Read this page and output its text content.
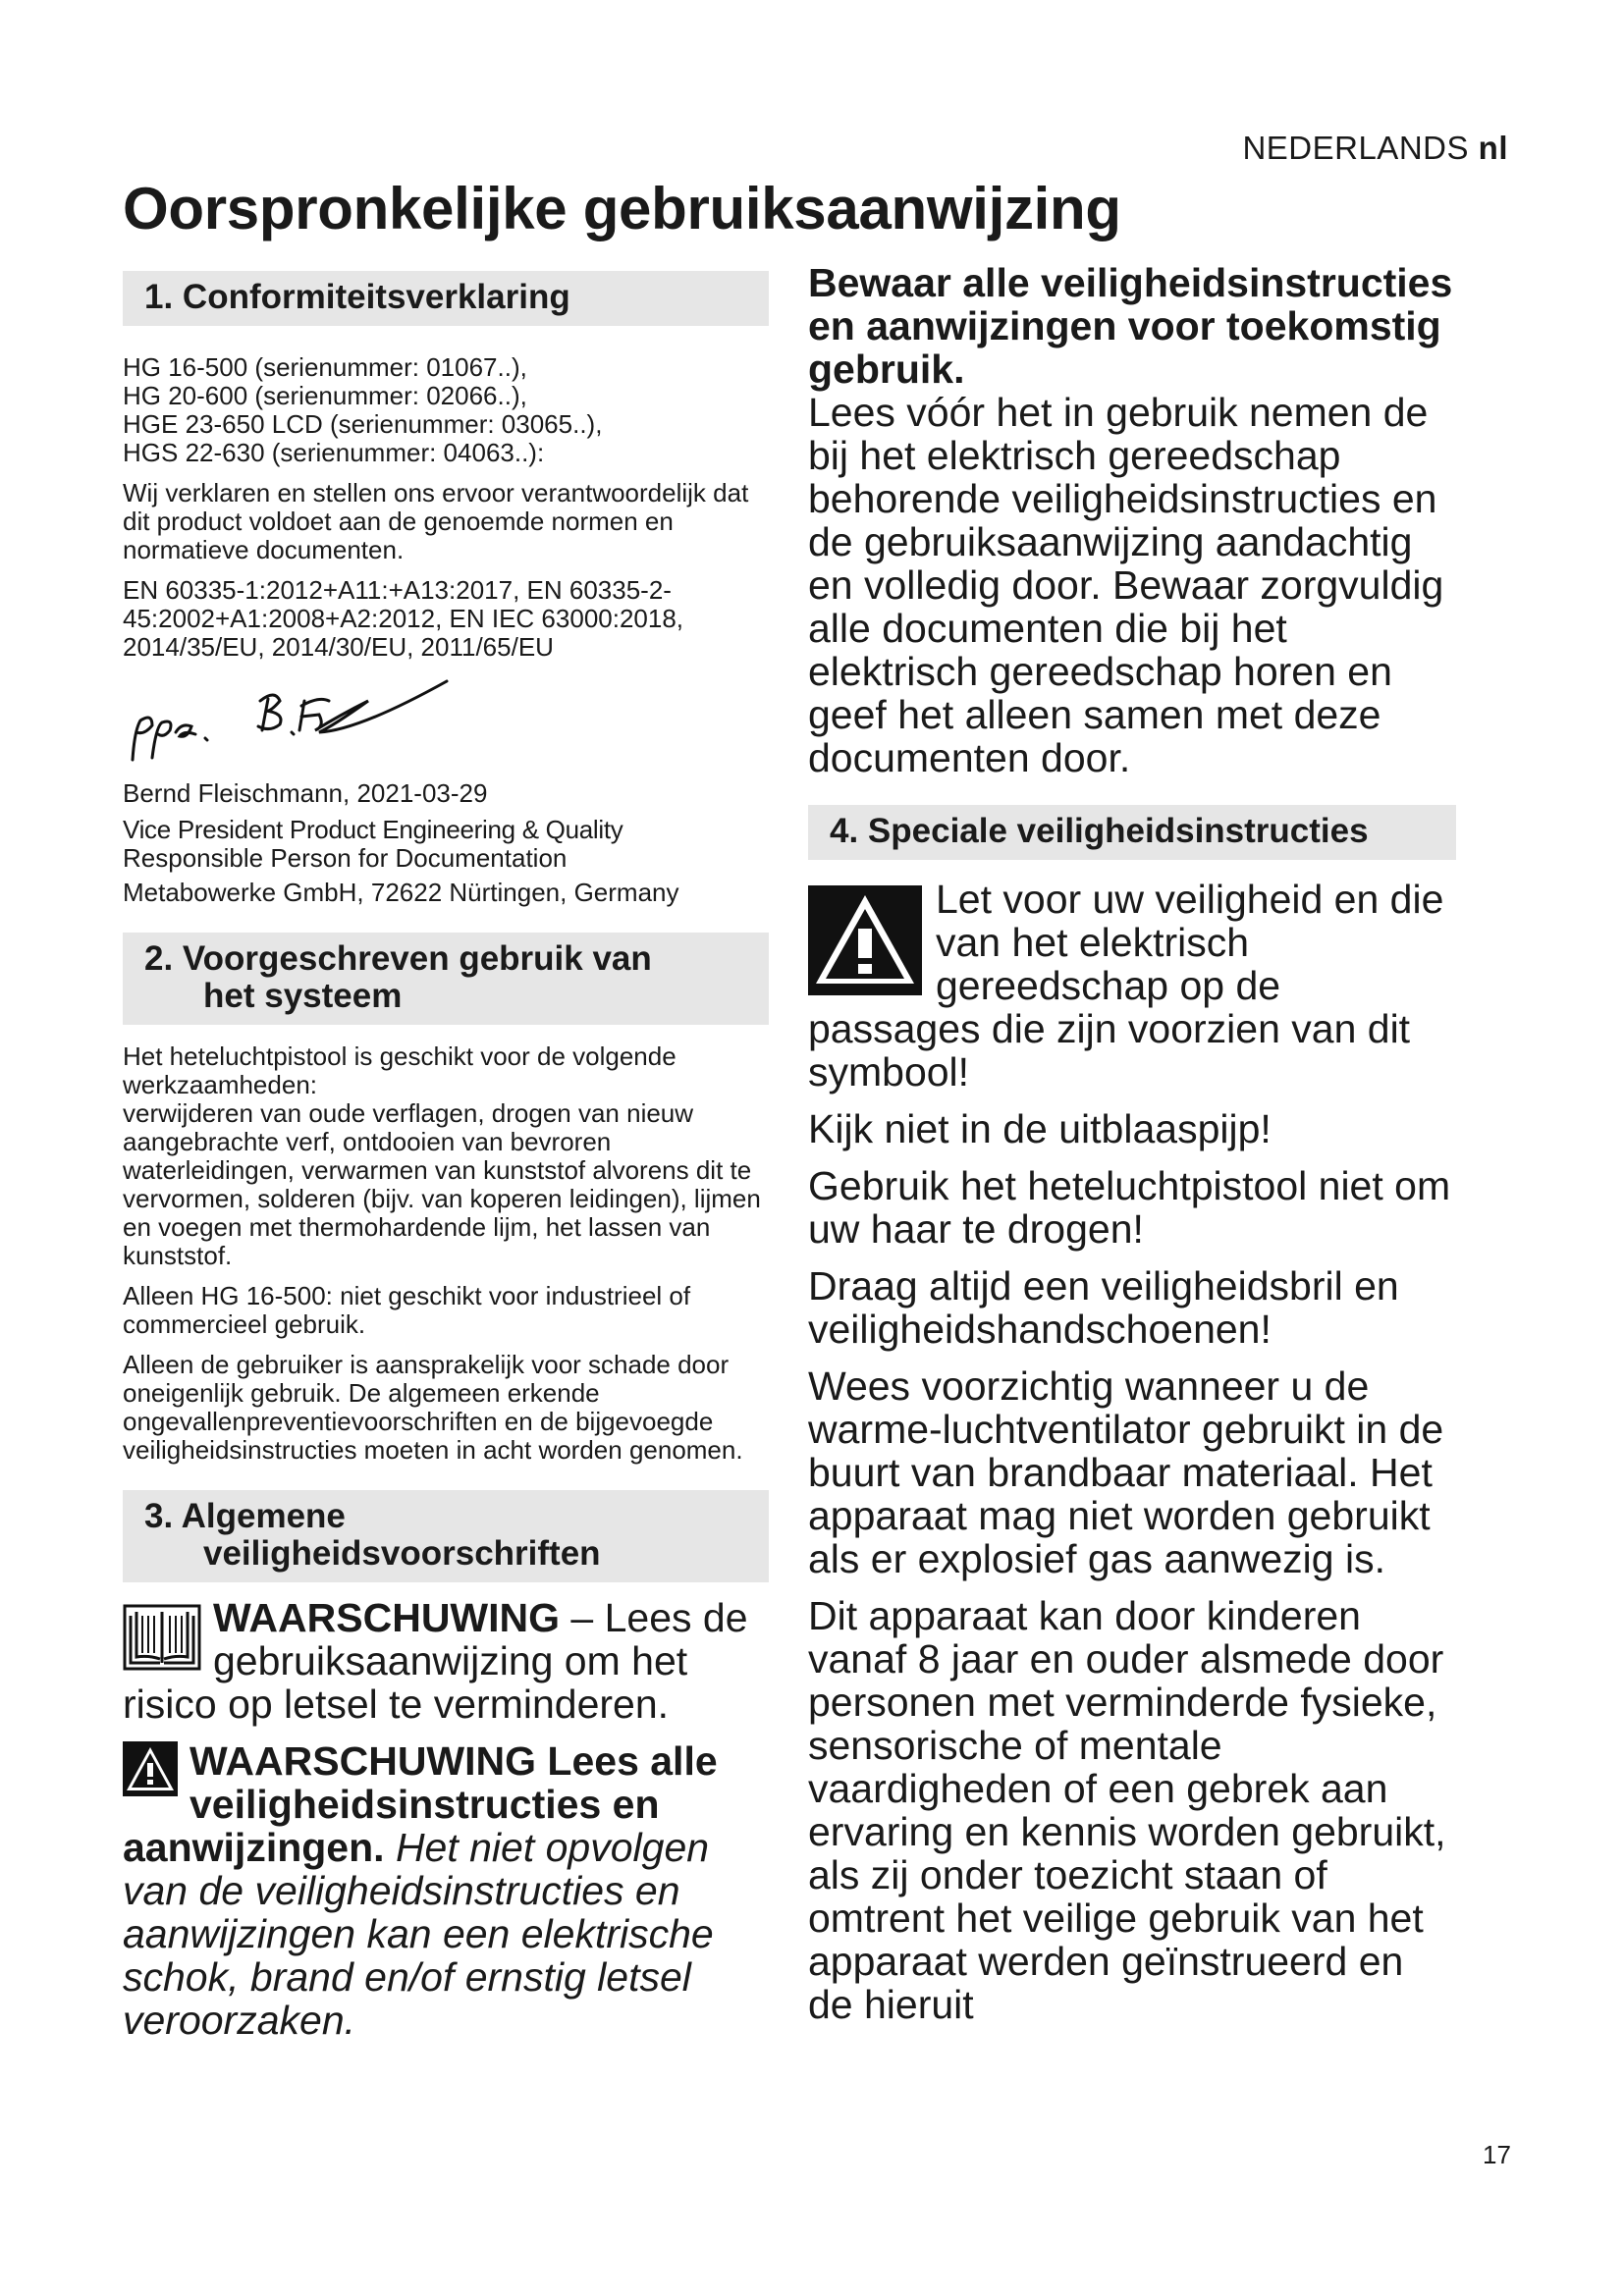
NEDERLANDS nl
Oorspronkelijke gebruiksaanwijzing
1. Conformiteitsverklaring

HG 16-500 (serienummer: 01067..),

HG 20-600 (serienummer: 02066..),

HGE 23-650 LCD (serienummer: 03065..),

HGS 22-630 (serienummer: 04063..):

Wij verklaren en stellen ons ervoor verantwoordelijk dat dit product voldoet aan de genoemde normen en normatieve documenten.

EN 60335-1:2012+A11:+A13:2017, EN 60335-2-45:2002+A1:2008+A2:2012, EN IEC 63000:2018, 2014/35/EU, 2014/30/EU, 2011/65/EU

Bernd Fleischmann, 2021-03-29

Vice President Product Engineering & Quality

Responsible Person for Documentation

Metabowerke GmbH, 72622 Nürtingen, Germany

2. Voorgeschreven gebruik van
het systeem

Het heteluchtpistool is geschikt voor de volgende werkzaamheden:

verwijderen van oude verflagen, drogen van nieuw aangebrachte verf, ontdooien van bevroren waterleidingen, verwarmen van kunststof alvorens dit te vervormen, solderen (bijv. van koperen leidingen), lijmen en voegen met thermohardende lijm, het lassen van kunststof.

Alleen HG 16-500: niet geschikt voor industrieel of commercieel gebruik.

Alleen de gebruiker is aansprakelijk voor schade door oneigenlijk gebruik. De algemeen erkende ongevallenpreventievoorschriften en de bijgevoegde veiligheidsinstructies moeten in acht worden genomen.

3. Algemene
veiligheidsvoorschriften

WAARSCHUWING – Lees de gebruiksaanwijzing om het risico op letsel te verminderen.

WAARSCHUWING Lees alle veiligheidsinstructies en aanwijzingen. Het niet opvolgen van de veiligheidsinstructies en aanwijzingen kan een elektrische schok, brand en/of ernstig letsel veroorzaken.

Bewaar alle veiligheidsinstructies en aanwijzingen voor toekomstig gebruik.

Lees vóór het in gebruik nemen de bij het elektrisch gereedschap behorende veiligheidsinstructies en de gebruiksaanwijzing aandachtig en volledig door. Bewaar zorgvuldig alle documenten die bij het elektrisch gereedschap horen en geef het alleen samen met deze documenten door.

4. Speciale veiligheidsinstructies

Let voor uw veiligheid en die van het elektrisch gereedschap op de passages die zijn voorzien van dit symbool!

Kijk niet in de uitblaaspijp!

Gebruik het heteluchtpistool niet om uw haar te drogen!

Draag altijd een veiligheidsbril en veiligheidshandschoenen!

Wees voorzichtig wanneer u de warme-luchtventilator gebruikt in de buurt van brandbaar materiaal. Het apparaat mag niet worden gebruikt als er explosief gas aanwezig is.

Dit apparaat kan door kinderen vanaf 8 jaar en ouder alsmede door personen met verminderde fysieke, sensorische of mentale vaardigheden of een gebrek aan ervaring en kennis worden gebruikt, als zij onder toezicht staan of omtrent het veilige gebruik van het apparaat werden geïnstrueerd en de hieruit

17
